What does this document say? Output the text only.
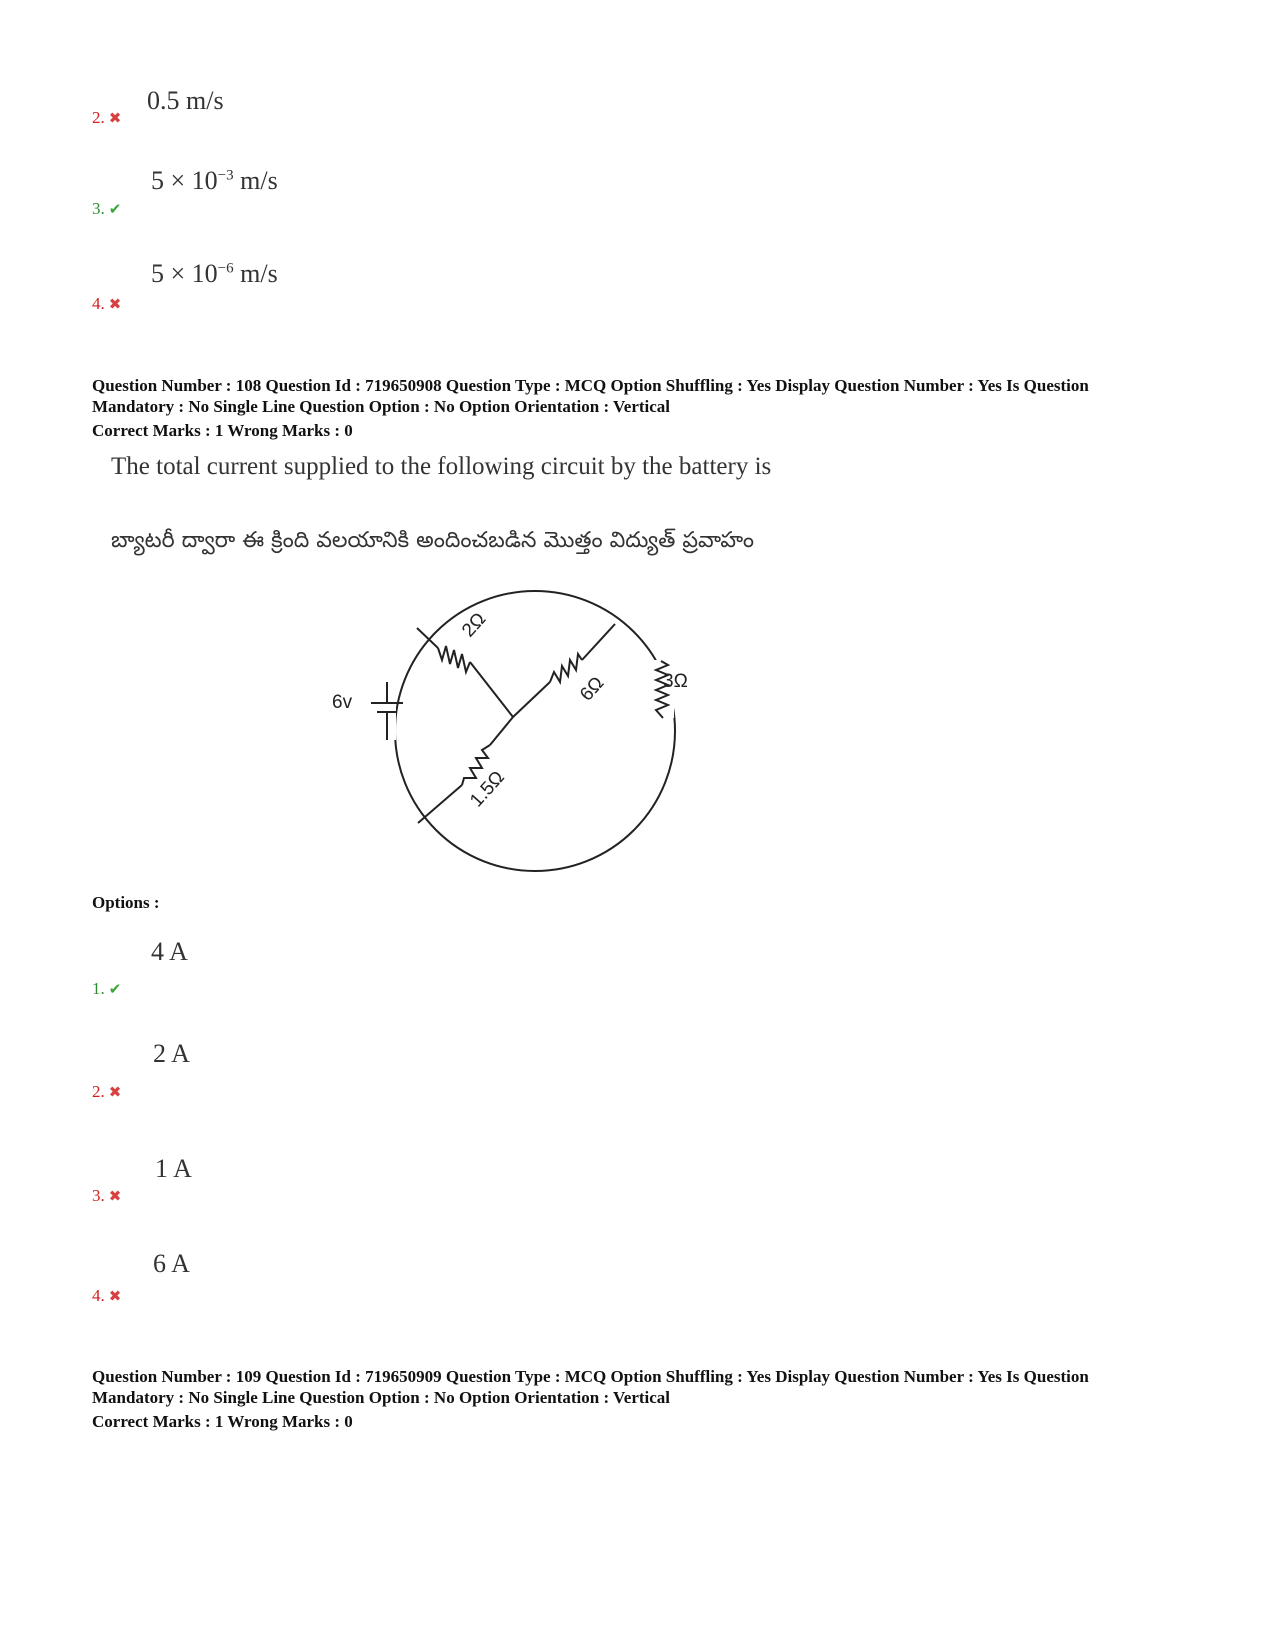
0.5 m/s
2. ✖
$5 \times 10^{-3}$ m/s
3. ✔
$5 \times 10^{-6}$ m/s
4. ✖
Question Number : 108 Question Id : 719650908 Question Type : MCQ Option Shuffling : Yes Display Question Number : Yes Is Question
Mandatory : No Single Line Question Option : No Option Orientation : Vertical
Correct Marks : 1 Wrong Marks : 0
The total current supplied to the following circuit by the battery is
బ్యాటరీ ద్వారా ఈ క్రింది వలయానికి అందించబడిన మొత్తం విద్యుత్ ప్రవాహం
6v
2Ω
6Ω	3Ω
1.5Ω
Options :
4 A
1. ✔
2 A
2. ✖
1 A
3. ✖
6 A
4. ✖
Question Number : 109 Question Id : 719650909 Question Type : MCQ Option Shuffling : Yes Display Question Number : Yes Is Question
Mandatory : No Single Line Question Option : No Option Orientation : Vertical
Correct Marks : 1 Wrong Marks : 0
